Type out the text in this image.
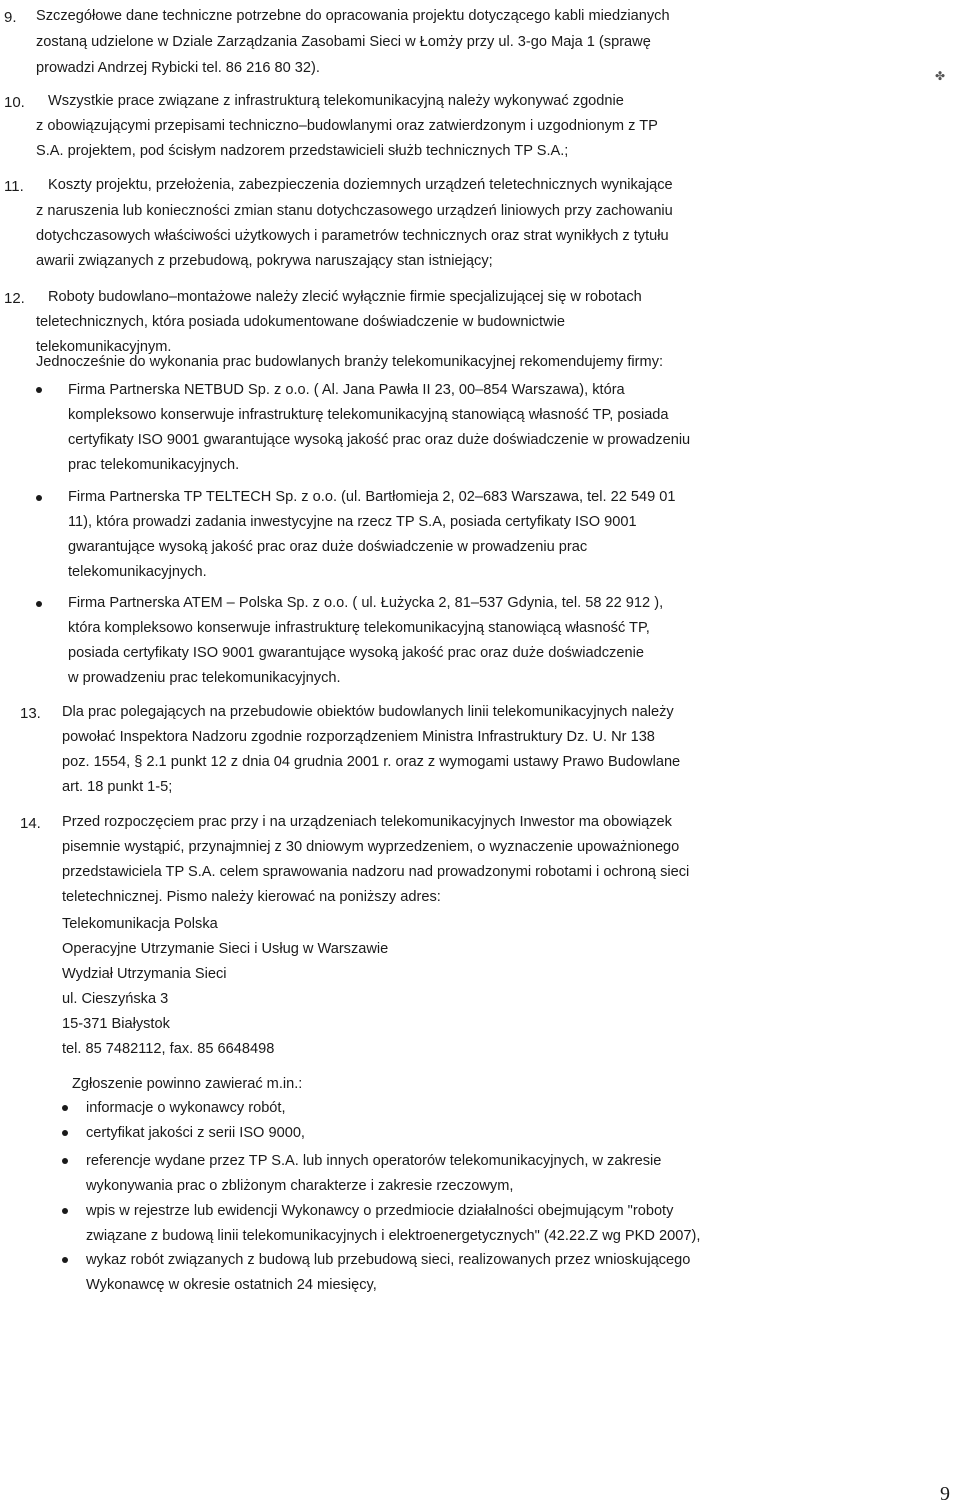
9. Szczegółowe dane techniczne potrzebne do opracowania projektu dotyczącego kabli miedzianych
zostaną udzielone w Dziale Zarządzania Zasobami Sieci w Łomży przy ul. 3-go Maja 1 (sprawę
prowadzi Andrzej Rybicki tel. 86 216 80 32).
10. Wszystkie prace związane z infrastrukturą telekomunikacyjną należy wykonywać zgodnie
z obowiązującymi przepisami techniczno–budowlanymi oraz zatwierdzonym i uzgodnionym z TP
S.A. projektem, pod ścisłym nadzorem przedstawicieli służb technicznych TP S.A.;
11. Koszty projektu, przełożenia, zabezpieczenia doziemnych urządzeń teletechnicznych wynikające
z naruszenia lub konieczności zmian stanu dotychczasowego urządzeń liniowych przy zachowaniu
dotychczasowych właściwości użytkowych i parametrów technicznych oraz strat wynikłych z tytułu
awarii związanych z przebudową, pokrywa naruszający stan istniejący;
12. Roboty budowlano–montażowe należy zlecić wyłącznie firmie specjalizującej się w robotach
teletechnicznych, która posiada udokumentowane doświadczenie w budownictwie
telekomunikacyjnym.
Jednocześnie do wykonania prac budowlanych branży telekomunikacyjnej rekomendujemy firmy:
Firma Partnerska NETBUD Sp. z o.o. ( Al. Jana Pawła II 23, 00–854 Warszawa), która
kompleksowo konserwuje infrastrukturę telekomunikacyjną stanowiącą własność TP, posiada
certyfikaty ISO 9001 gwarantujące wysoką jakość prac oraz duże doświadczenie w prowadzeniu
prac telekomunikacyjnych.
Firma Partnerska TP TELTECH Sp. z o.o. (ul. Bartłomieja 2, 02–683 Warszawa, tel. 22 549 01
11), która prowadzi zadania inwestycyjne na rzecz TP S.A, posiada certyfikaty ISO 9001
gwarantujące wysoką jakość prac oraz duże doświadczenie w prowadzeniu prac
telekomunikacyjnych.
Firma Partnerska ATEM – Polska Sp. z o.o. ( ul. Łużycka 2, 81–537 Gdynia, tel. 58 22 912 ),
która kompleksowo konserwuje infrastrukturę telekomunikacyjną stanowiącą własność TP,
posiada certyfikaty ISO 9001 gwarantujące wysoką jakość prac oraz duże doświadczenie
w prowadzeniu prac telekomunikacyjnych.
13. Dla prac polegających na przebudowie obiektów budowlanych linii telekomunikacyjnych należy
powołać Inspektora Nadzoru zgodnie rozporządzeniem Ministra Infrastruktury Dz. U. Nr 138
poz. 1554, § 2.1 punkt 12 z dnia 04 grudnia 2001 r. oraz z wymogami ustawy Prawo Budowlane
art. 18 punkt 1-5;
14. Przed rozpoczęciem prac przy i na urządzeniach telekomunikacyjnych Inwestor ma obowiązek
pisemnie wystąpić, przynajmniej z 30 dniowym wyprzedzeniem, o wyznaczenie upoważnionego
przedstawiciela TP S.A. celem sprawowania nadzoru nad prowadzonymi robotami i ochroną sieci
teletechnicznej. Pismo należy kierować na poniższy adres:
Telekomunikacja Polska
Operacyjne Utrzymanie Sieci i Usług w Warszawie
Wydział Utrzymania Sieci
ul. Cieszyńska 3
15-371 Białystok
tel. 85 7482112, fax. 85 6648498
Zgłoszenie powinno zawierać m.in.:
informacje o wykonawcy robót,
certyfikat jakości z serii ISO 9000,
referencje wydane przez TP S.A. lub innych operatorów telekomunikacyjnych, w zakresie
wykonywania prac o zbliżonym charakterze i zakresie rzeczowym,
wpis w rejestrze lub ewidencji Wykonawcy o przedmiocie działalności obejmującym "roboty
związane z budową linii telekomunikacyjnych i elektroenergetycznych" (42.22.Z wg PKD 2007),
wykaz robót związanych z budową lub przebudową sieci, realizowanych przez wnioskującego
Wykonawcę w okresie ostatnich 24 miesięcy,
✤
9
